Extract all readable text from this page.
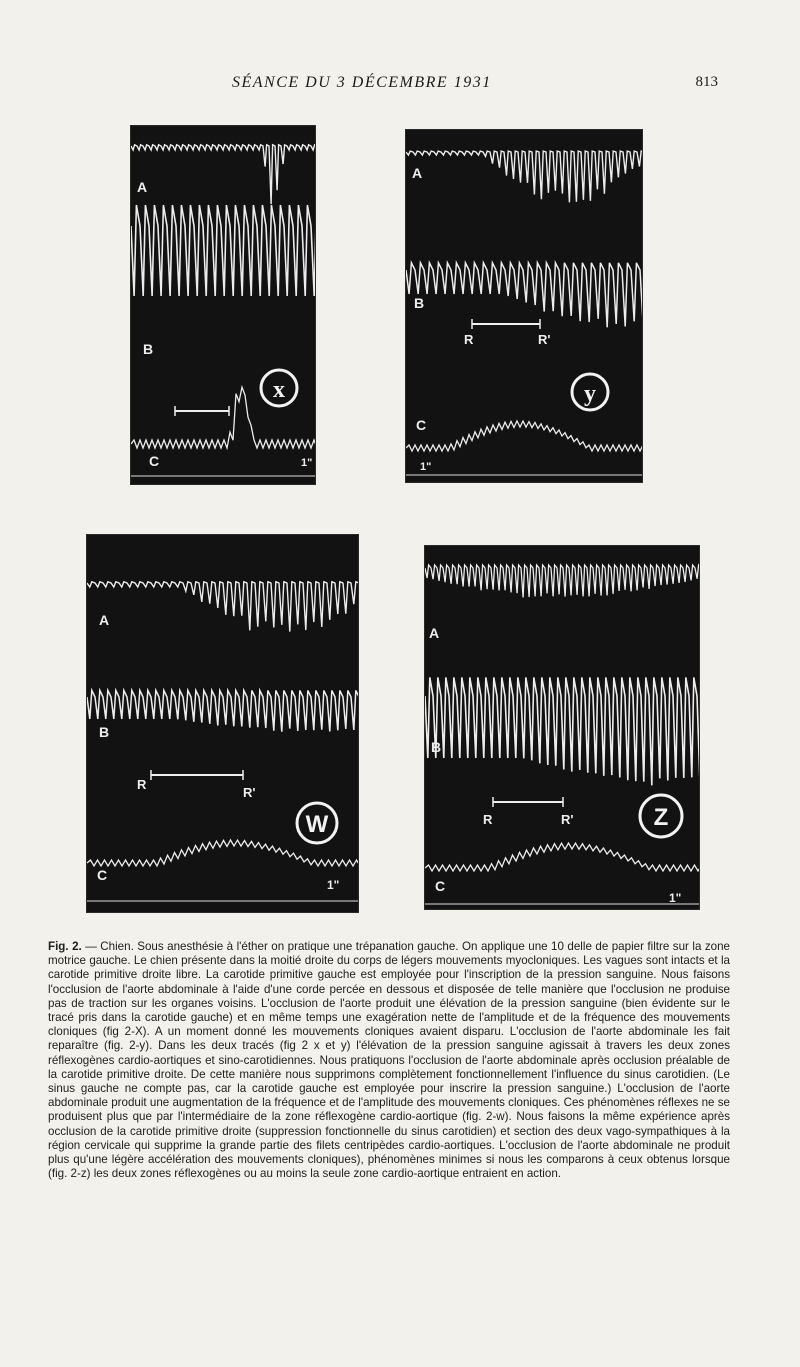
SÉANCE DU 3 DÉCEMBRE 1931	813
x
A
B
C	1"
R	R'
y
A
B
C
1"
R
R'
W
A
B
C
1"
R	R'	Z
A
B
C
1"
Fig. 2. — Chien. Sous anesthésie à l'éther on pratique une trépanation gauche. On applique une 10 delle de papier filtre sur la zone motrice gauche. Le chien présente dans la moitié droite du corps de légers mouvements myocloniques. Les vagues sont intacts et la carotide primitive droite libre. La carotide primitive gauche est employée pour l'inscription de la pression sanguine. Nous faisons l'occlusion de l'aorte abdominale à l'aide d'une corde percée en dessous et disposée de telle manière que l'occlusion ne produise pas de traction sur les organes voisins. L'occlusion de l'aorte produit une élévation de la pression sanguine (bien évidente sur le tracé pris dans la carotide gauche) et en même temps une exagération nette de l'amplitude et de la fréquence des mouvements cloniques (fig 2-X). A un moment donné les mouvements cloniques avaient disparu. L'occlusion de l'aorte abdominale les fait reparaître (fig. 2-y). Dans les deux tracés (fig 2 x et y) l'élévation de la pression sanguine agissait à travers les deux zones réflexogènes cardio-aortiques et sino-carotidiennes. Nous pratiquons l'occlusion de l'aorte abdominale après occlusion préalable de la carotide primitive droite. De cette manière nous supprimons complètement fonctionnellement l'influence du sinus carotidien. (Le sinus gauche ne compte pas, car la carotide gauche est employée pour inscrire la pression sanguine.) L'occlusion de l'aorte abdominale produit une augmentation de la fréquence et de l'amplitude des mouvements cloniques. Ces phénomènes réflexes ne se produisent plus que par l'intermédiaire de la zone réflexogène cardio-aortique (fig. 2-w). Nous faisons la même expérience après occlusion de la carotide primitive droite (suppression fonctionnelle du sinus carotidien) et section des deux vago-sympathiques à la région cervicale qui supprime la grande partie des filets centripèdes cardio-aortiques. L'occlusion de l'aorte abdominale ne produit plus qu'une légère accélération des mouvements cloniques), phénomènes minimes si nous les comparons à ceux obtenus lorsque (fig. 2-z) les deux zones réflexogènes ou au moins la seule zone cardio-aortique entraient en action.
